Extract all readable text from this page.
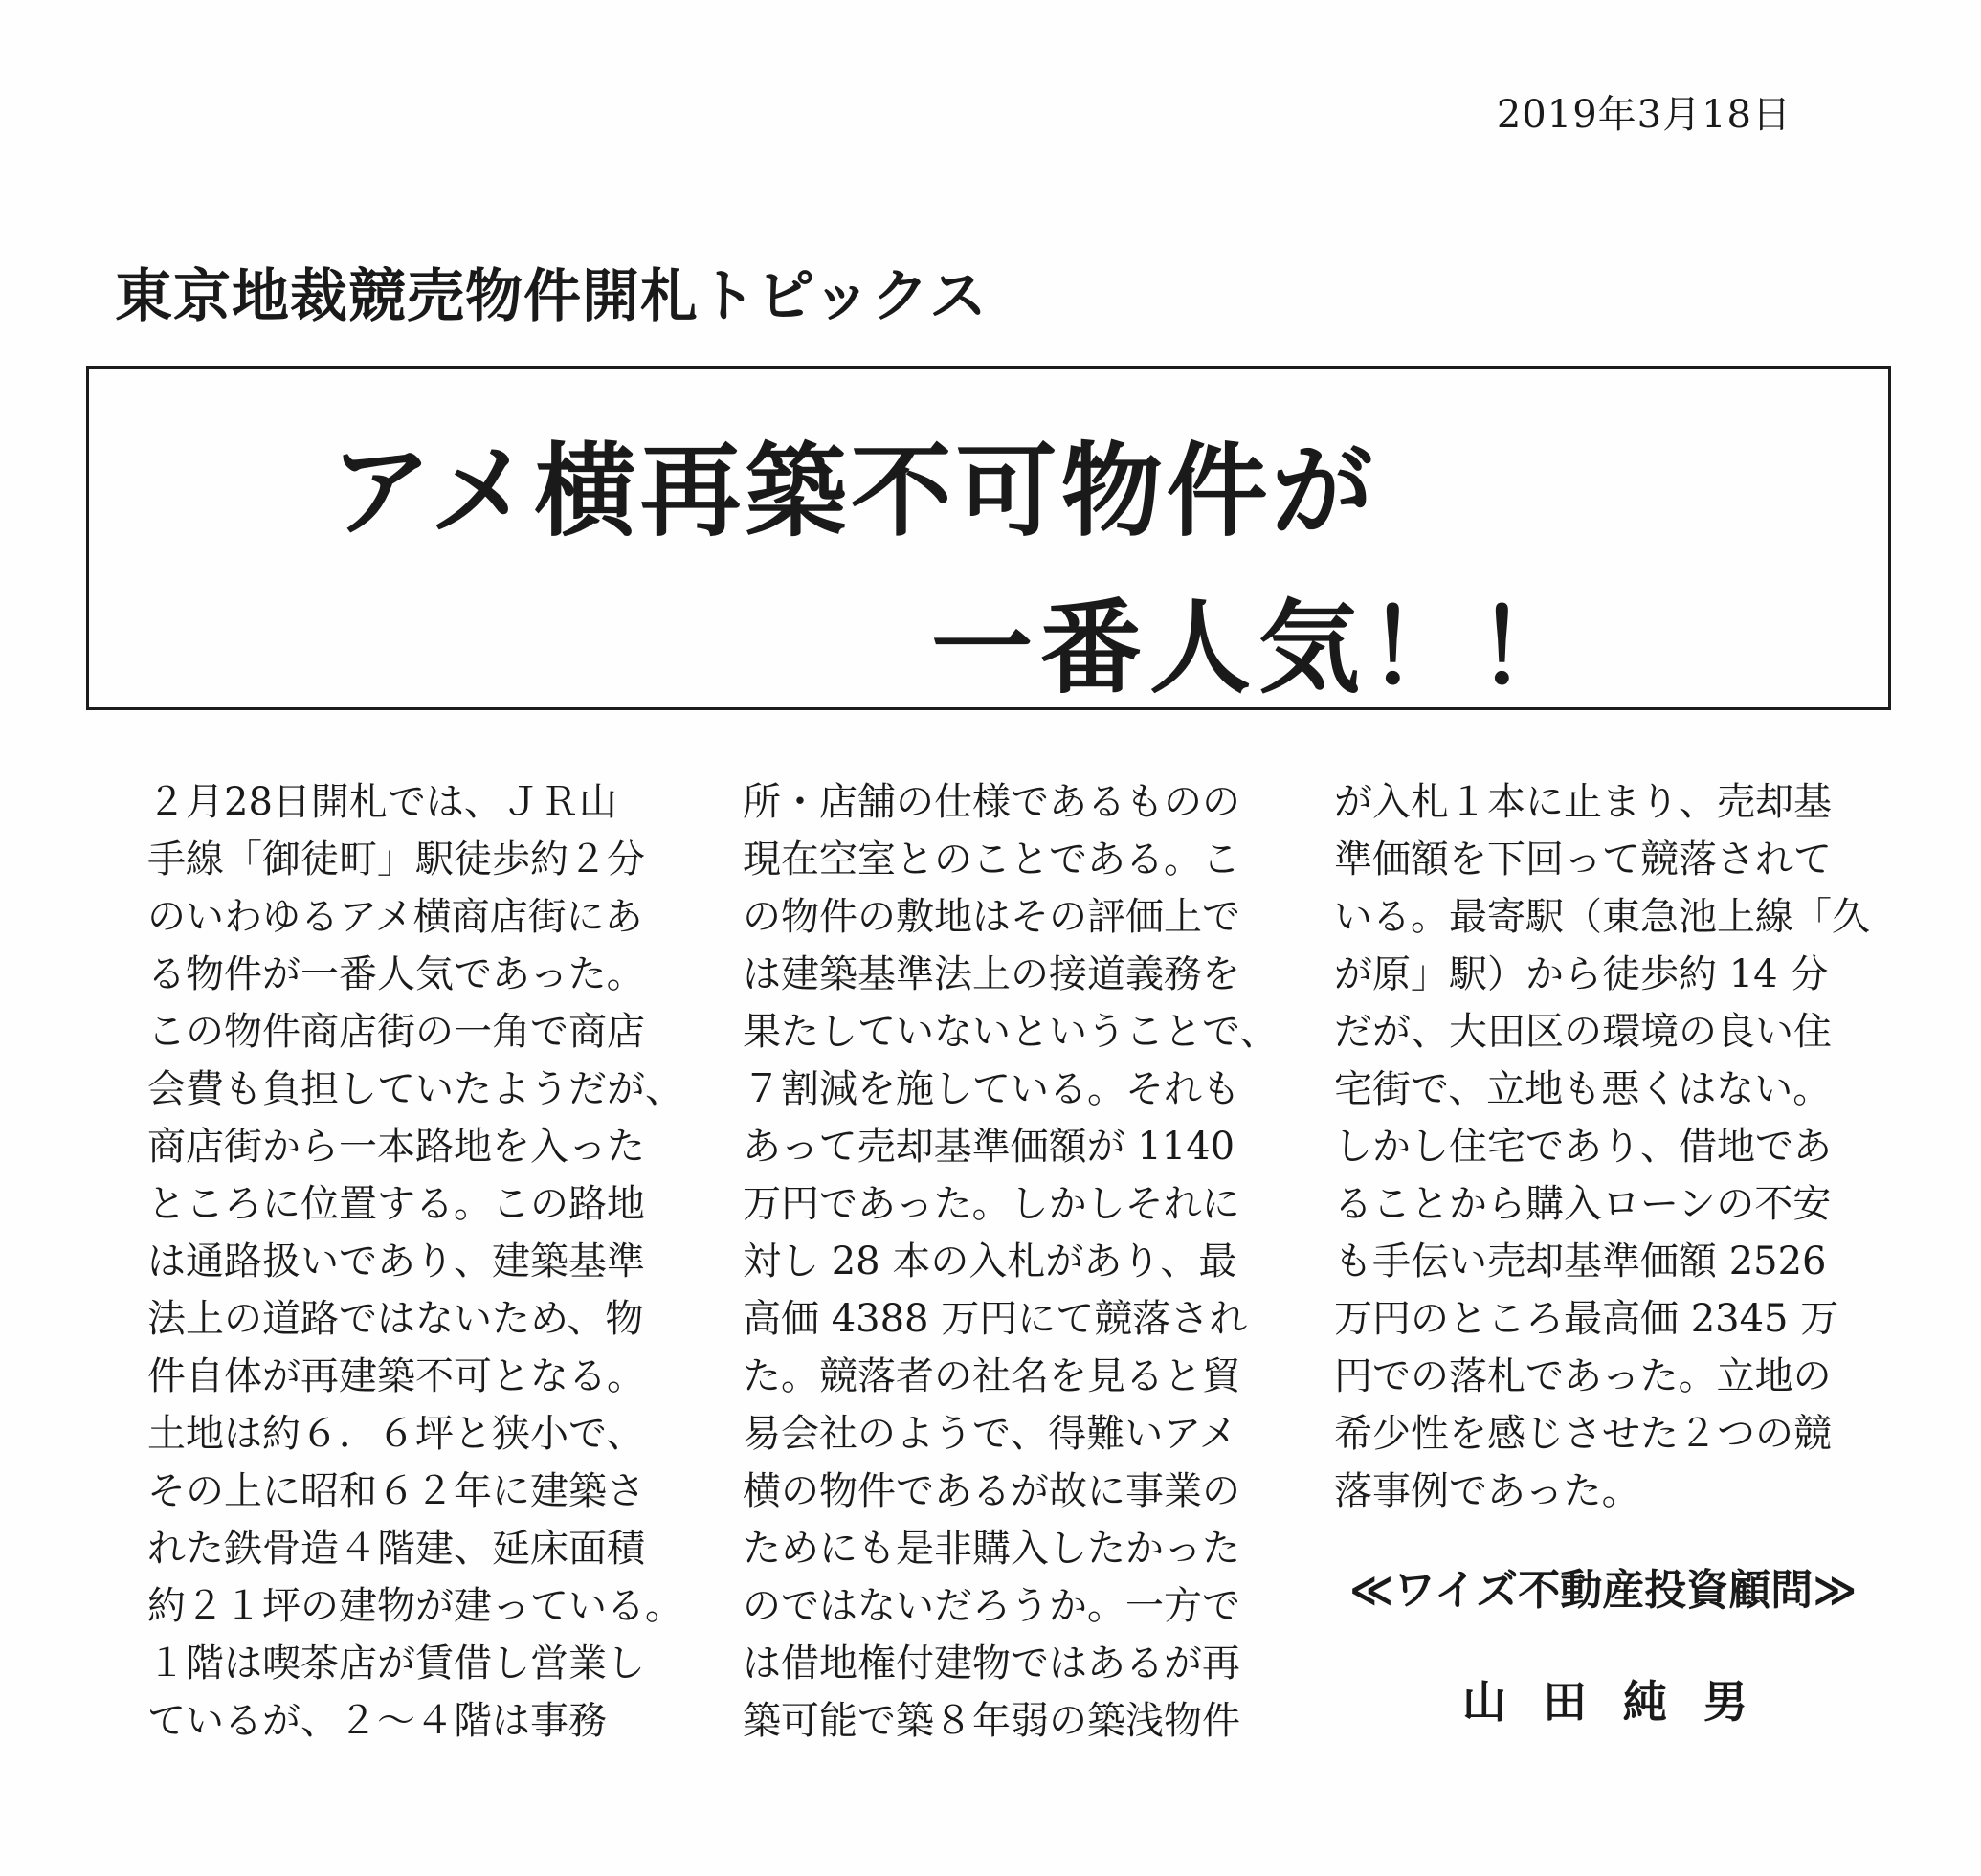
2019年3月18日
東京地裁競売物件開札トピックス
アメ横再築不可物件が
一番人気！！
２月28日開札では、ＪＲ山
手線「御徒町」駅徒歩約２分
のいわゆるアメ横商店街にあ
る物件が一番人気であった。
この物件商店街の一角で商店
会費も負担していたようだが、
商店街から一本路地を入った
ところに位置する。この路地
は通路扱いであり、建築基準
法上の道路ではないため、物
件自体が再建築不可となる。
土地は約６．６坪と狭小で、
その上に昭和６２年に建築さ
れた鉄骨造４階建、延床面積
約２１坪の建物が建っている。
１階は喫茶店が賃借し営業し
ているが、２～４階は事務
所・店舗の仕様であるものの
現在空室とのことである。こ
の物件の敷地はその評価上で
は建築基準法上の接道義務を
果たしていないということで、
７割減を施している。それも
あって売却基準価額が 1140
万円であった。しかしそれに
対し 28 本の入札があり、最
高価 4388 万円にて競落され
た。競落者の社名を見ると貿
易会社のようで、得難いアメ
横の物件であるが故に事業の
ためにも是非購入したかった
のではないだろうか。一方で
は借地権付建物ではあるが再
築可能で築８年弱の築浅物件
が入札１本に止まり、売却基
準価額を下回って競落されて
いる。最寄駅（東急池上線「久
が原」駅）から徒歩約 14 分
だが、大田区の環境の良い住
宅街で、立地も悪くはない。
しかし住宅であり、借地であ
ることから購入ローンの不安
も手伝い売却基準価額 2526
万円のところ最高価 2345 万
円での落札であった。立地の
希少性を感じさせた２つの競
落事例であった。
≪ワイズ不動産投資顧問≫
山田純男
